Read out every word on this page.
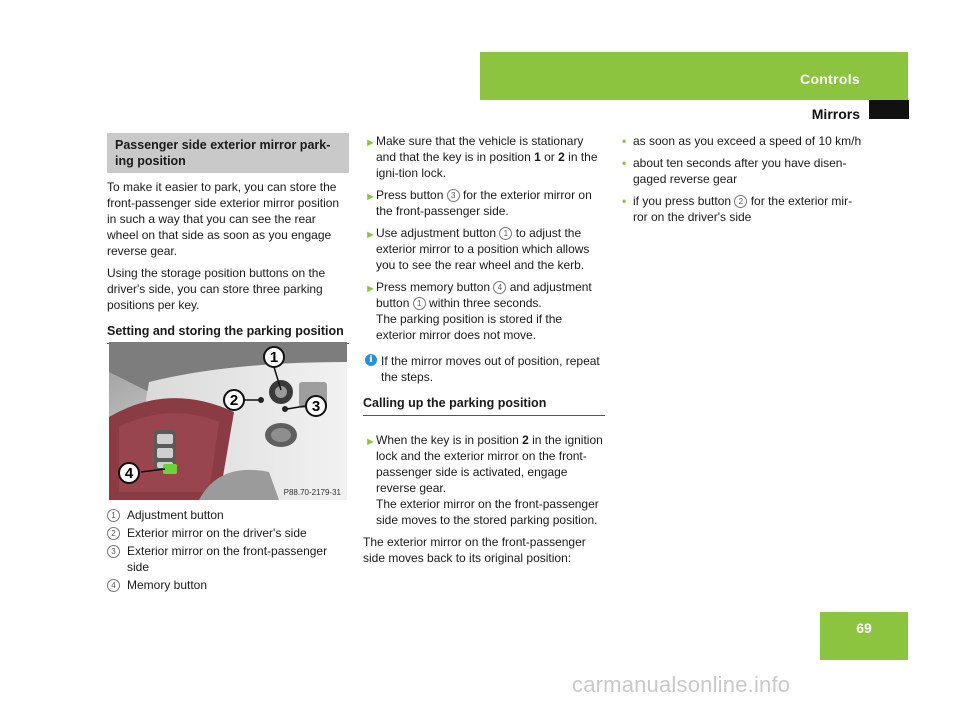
Controls
Mirrors
Passenger side exterior mirror park-
ing position

To make it easier to park, you can store the front-passenger side exterior mirror position in such a way that you can see the rear wheel on that side as soon as you engage reverse gear.

Using the storage position buttons on the driver's side, you can store three parking positions per key.

Setting and storing the parking position
1
2	3
4
P88.70-2179-31
1 Adjustment button
2 Exterior mirror on the driver's side
3 Exterior mirror on the front-passenger side
4 Memory button
► Make sure that the vehicle is stationary and that the key is in position 1 or 2 in the igni-tion lock.
► Press button 3 for the exterior mirror on the front-passenger side.
► Use adjustment button 1 to adjust the exterior mirror to a position which allows you to see the rear wheel and the kerb.
► Press memory button 4 and adjustment button 1 within three seconds.
The parking position is stored if the exterior mirror does not move.
i If the mirror moves out of position, repeat the steps.
Calling up the parking position
► When the key is in position 2 in the ignition lock and the exterior mirror on the front-passenger side is activated, engage reverse gear.
The exterior mirror on the front-passenger side moves to the stored parking position.

The exterior mirror on the front-passenger side moves back to its original position:

• as soon as you exceed a speed of 10 km/h
• about ten seconds after you have disen-gaged reverse gear
• if you press button 2 for the exterior mir-ror on the driver's side
69
carmanualsonline.info
